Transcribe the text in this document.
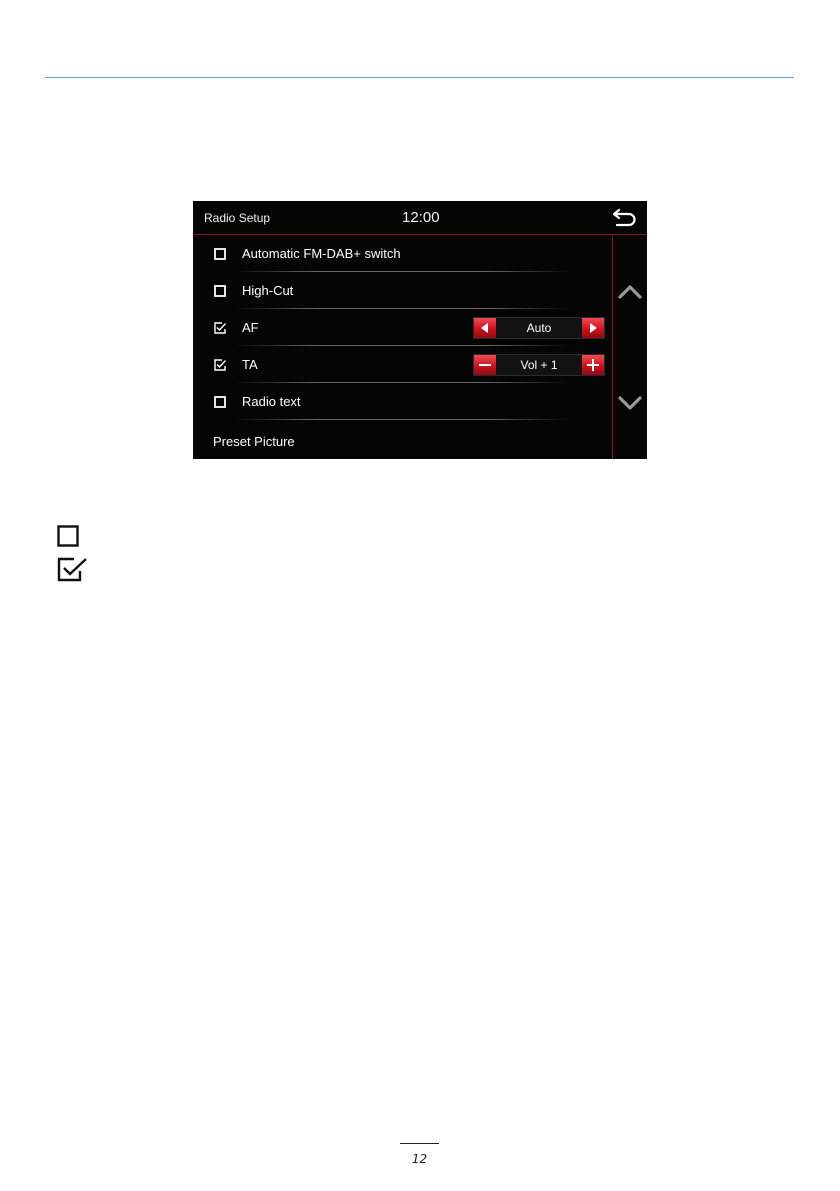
Radio Setup	12:00
Automatic FM-DAB+ switch
High-Cut
AF	Auto
TA	Vol + 1
Radio text
Preset Picture
12
